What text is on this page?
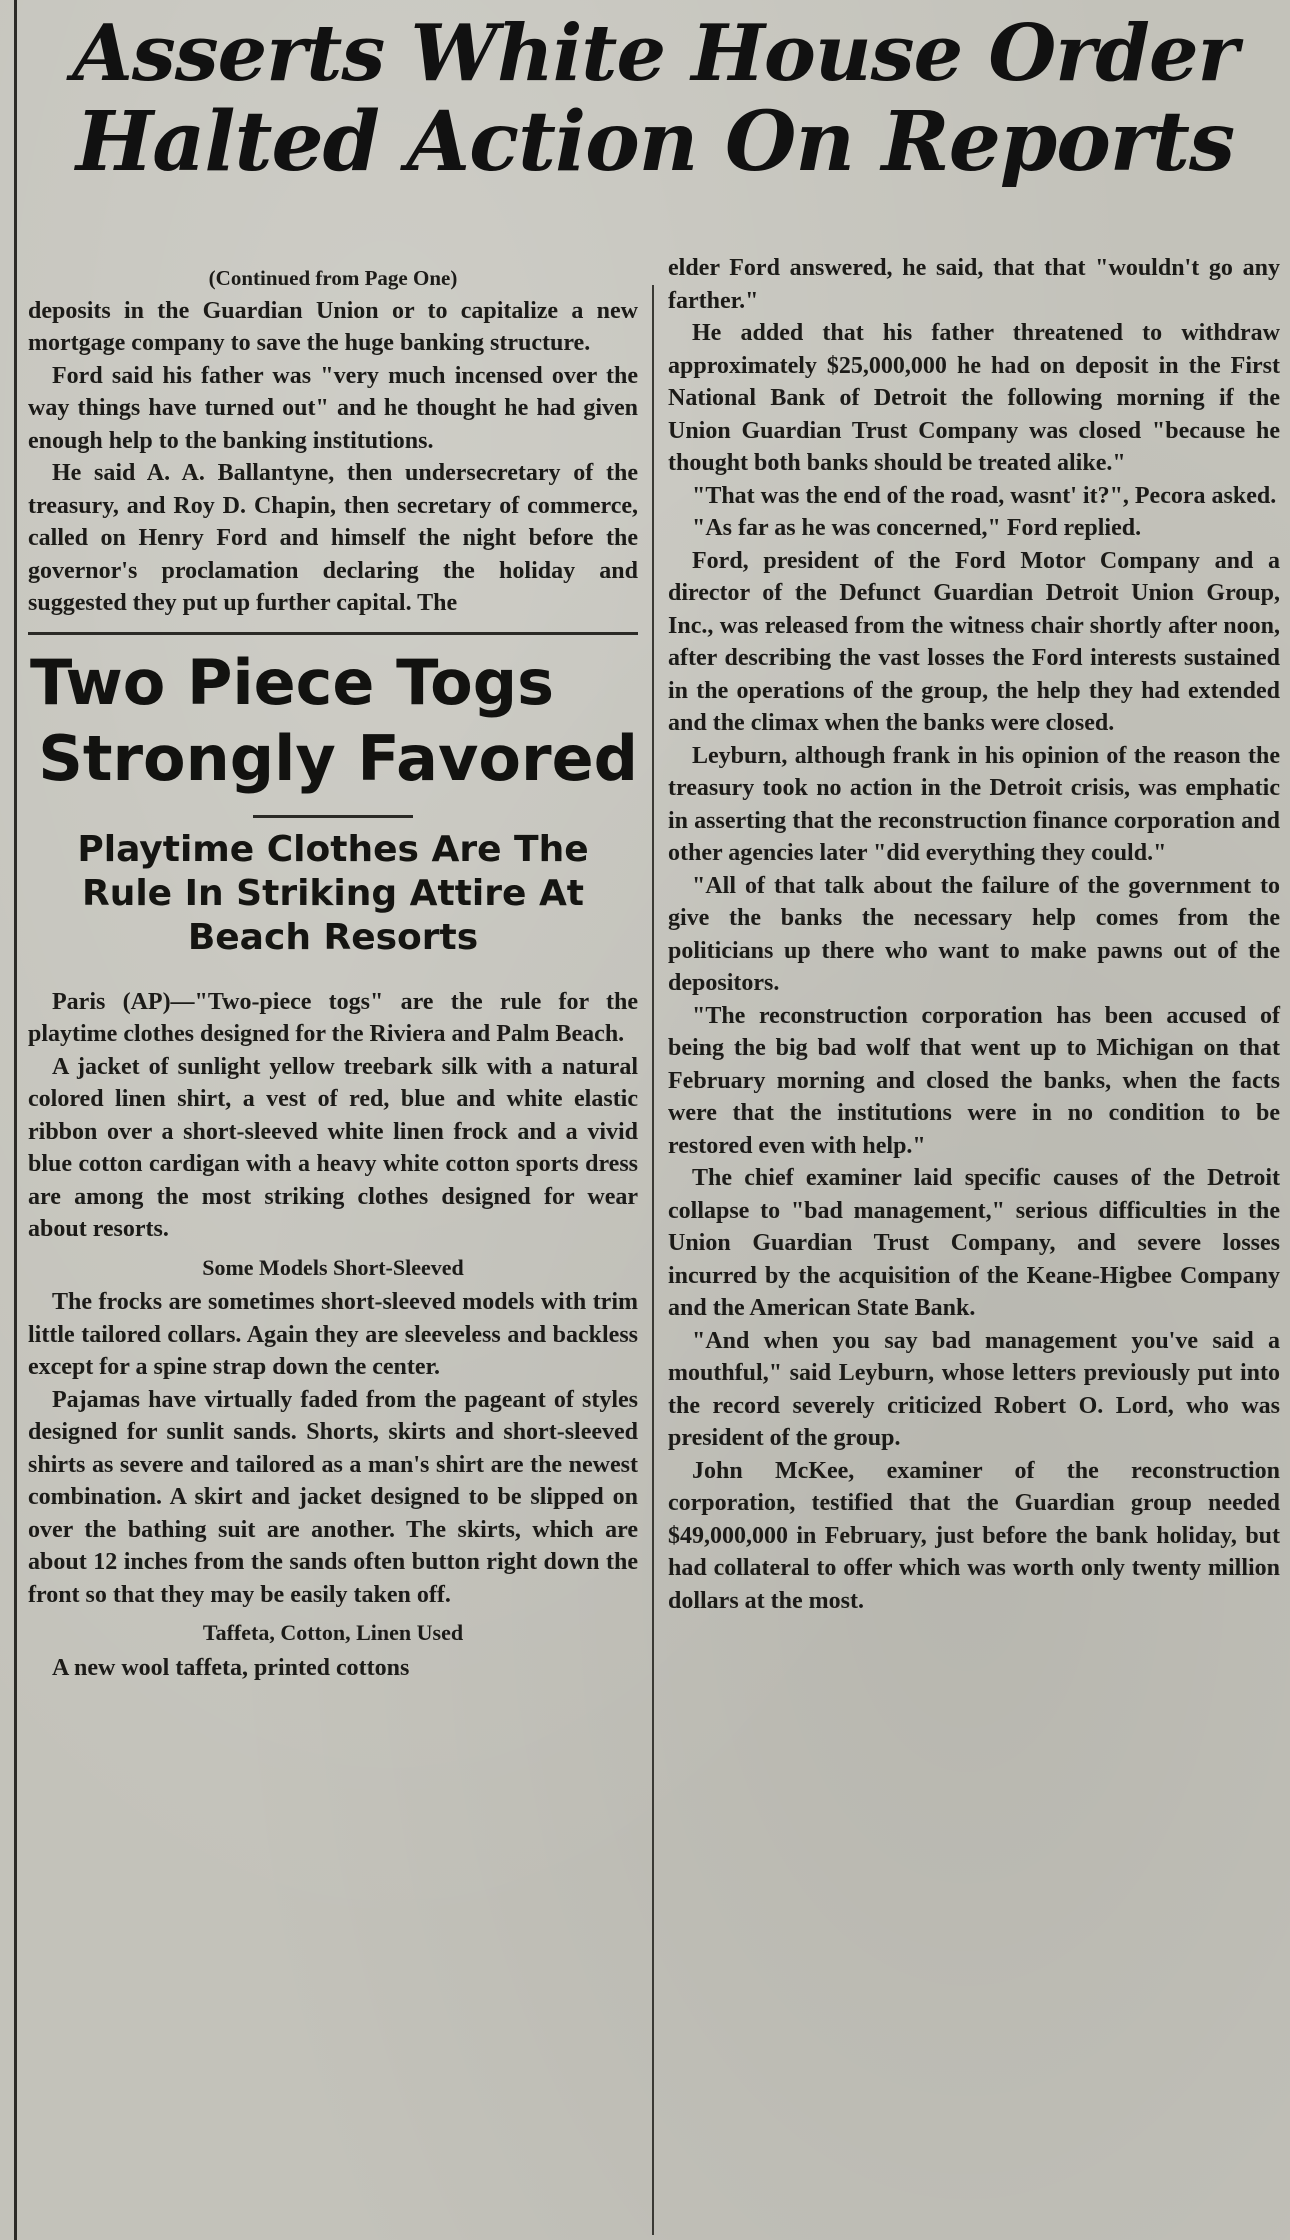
Asserts White House Order
Halted Action On Reports
(Continued from Page One)

deposits in the Guardian Union or to capitalize a new mortgage company to save the huge banking structure.

Ford said his father was "very much incensed over the way things have turned out" and he thought he had given enough help to the banking institutions.

He said A. A. Ballantyne, then undersecretary of the treasury, and Roy D. Chapin, then secretary of commerce, called on Henry Ford and himself the night before the governor's proclamation declaring the holiday and suggested they put up further capital. The

Two Piece Togs
Strongly Favored
Playtime Clothes Are The Rule In Striking Attire At Beach Resorts

Paris (AP)—"Two-piece togs" are the rule for the playtime clothes designed for the Riviera and Palm Beach.

A jacket of sunlight yellow treebark silk with a natural colored linen shirt, a vest of red, blue and white elastic ribbon over a short-sleeved white linen frock and a vivid blue cotton cardigan with a heavy white cotton sports dress are among the most striking clothes designed for wear about resorts.

Some Models Short-Sleeved

The frocks are sometimes short-sleeved models with trim little tailored collars. Again they are sleeveless and backless except for a spine strap down the center.

Pajamas have virtually faded from the pageant of styles designed for sunlit sands. Shorts, skirts and short-sleeved shirts as severe and tailored as a man's shirt are the newest combination. A skirt and jacket designed to be slipped on over the bathing suit are another. The skirts, which are about 12 inches from the sands often button right down the front so that they may be easily taken off.

Taffeta, Cotton, Linen Used

A new wool taffeta, printed cottons

elder Ford answered, he said, that that "wouldn't go any farther."

He added that his father threatened to withdraw approximately $25,000,000 he had on deposit in the First National Bank of Detroit the following morning if the Union Guardian Trust Company was closed "because he thought both banks should be treated alike."

"That was the end of the road, wasnt' it?", Pecora asked.

"As far as he was concerned," Ford replied.

Ford, president of the Ford Motor Company and a director of the Defunct Guardian Detroit Union Group, Inc., was released from the witness chair shortly after noon, after describing the vast losses the Ford interests sustained in the operations of the group, the help they had extended and the climax when the banks were closed.

Leyburn, although frank in his opinion of the reason the treasury took no action in the Detroit crisis, was emphatic in asserting that the reconstruction finance corporation and other agencies later "did everything they could."

"All of that talk about the failure of the government to give the banks the necessary help comes from the politicians up there who want to make pawns out of the depositors.

"The reconstruction corporation has been accused of being the big bad wolf that went up to Michigan on that February morning and closed the banks, when the facts were that the institutions were in no condition to be restored even with help."

The chief examiner laid specific causes of the Detroit collapse to "bad management," serious difficulties in the Union Guardian Trust Company, and severe losses incurred by the acquisition of the Keane-Higbee Company and the American State Bank.

"And when you say bad management you've said a mouthful," said Leyburn, whose letters previously put into the record severely criticized Robert O. Lord, who was president of the group.

John McKee, examiner of the reconstruction corporation, testified that the Guardian group needed $49,000,000 in February, just before the bank holiday, but had collateral to offer which was worth only twenty million dollars at the most.
